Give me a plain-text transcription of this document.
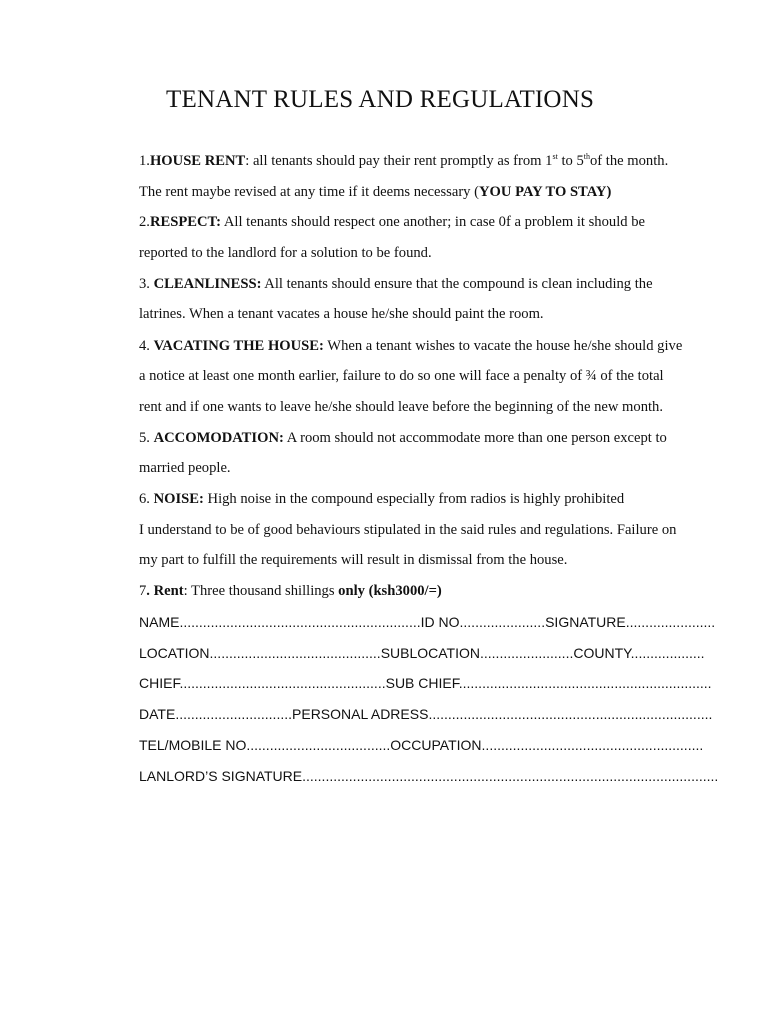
TENANT RULES AND REGULATIONS
1.HOUSE RENT: all tenants should pay their rent promptly as from 1st to 5thof the month.
The rent maybe revised at any time if it deems necessary (YOU PAY TO STAY)
2.RESPECT: All tenants should respect one another; in case 0f a problem it should be
reported to the landlord for a solution to be found.
3. CLEANLINESS: All tenants should ensure that the compound is clean including the
latrines. When a tenant vacates a house he/she should paint the room.
4. VACATING THE HOUSE: When a tenant wishes to vacate the house he/she should give
a notice at least one month earlier, failure to do so one will face a penalty of ¾ of the total
rent and if one wants to leave he/she should leave before the beginning of the new month.
5. ACCOMODATION: A room should not accommodate more than one person except to
married people.
6. NOISE: High noise in the compound especially from radios is highly prohibited
I understand to be of good behaviours stipulated in the said rules and regulations. Failure on
my part to fulfill the requirements will result in dismissal from the house.
7. Rent: Three thousand shillings only (ksh3000/=)
NAME..............................................................ID NO......................SIGNATURE.......................
LOCATION............................................SUBLOCATION........................COUNTY...................
CHIEF.....................................................SUB CHIEF.................................................................
DATE..............................PERSONAL ADRESS.........................................................................
TEL/MOBILE NO.....................................OCCUPATION.........................................................
LANLORD’S SIGNATURE...........................................................................................................
